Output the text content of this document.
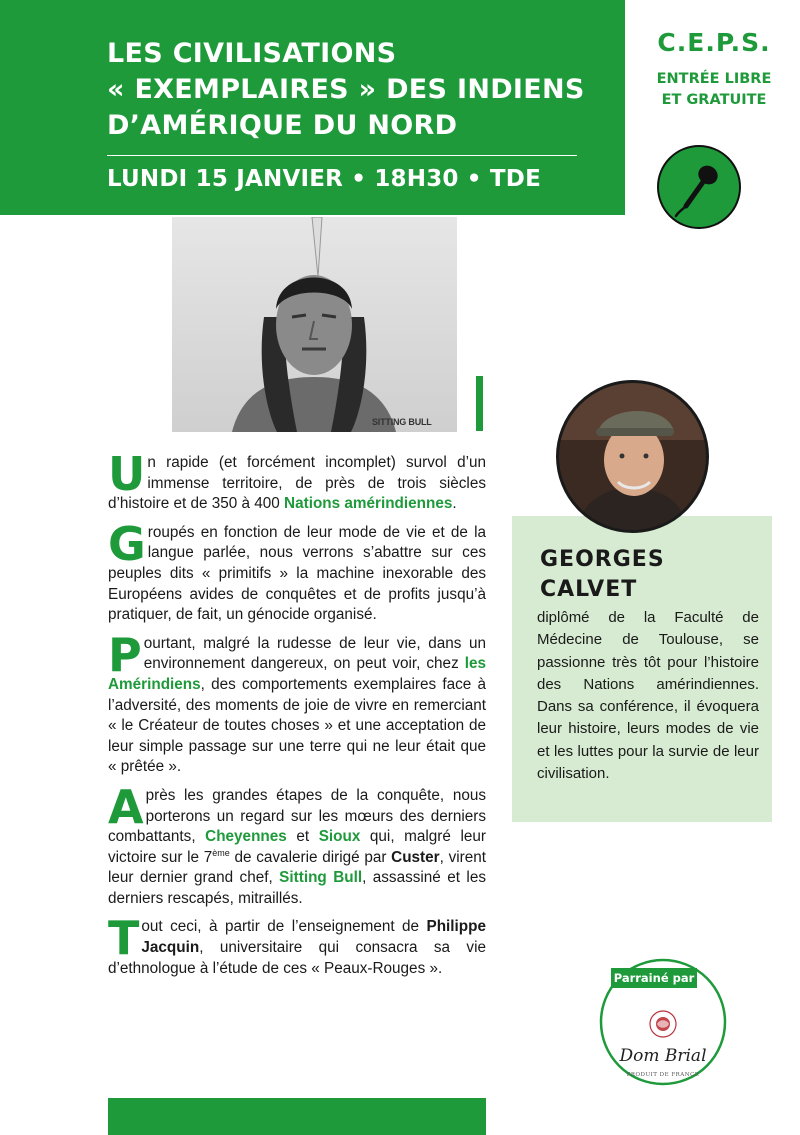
LES CIVILISATIONS
« EXEMPLAIRES » DES INDIENS
D’AMÉRIQUE DU NORD
LUNDI 15 JANVIER • 18H30 • TDE
C.E.P.S.
ENTRÉE LIBRE
ET GRATUITE
SITTING BULL

Un rapide (et forcément incomplet) survol d’un immense territoire, de près de trois siècles d’histoire et de 350 à 400 Nations amérindiennes.

Groupés en fonction de leur mode de vie et de la langue parlée, nous verrons s’abattre sur ces peuples dits « primitifs » la machine inexorable des Européens avides de conquêtes et de profits jusqu’à pratiquer, de fait, un génocide organisé.

Pourtant, malgré la rudesse de leur vie, dans un environnement dangereux, on peut voir, chez les Amérindiens, des comportements exemplaires face à l’adversité, des moments de joie de vivre en remerciant « le Créateur de toutes choses » et une acceptation de leur simple passage sur une terre qui ne leur était que « prêtée ».

Après les grandes étapes de la conquête, nous porterons un regard sur les mœurs des derniers combattants, Cheyennes et Sioux qui, malgré leur victoire sur le 7ème de cavalerie dirigé par Custer, virent leur dernier grand chef, Sitting Bull, assassiné et les derniers rescapés, mitraillés.

Tout ceci, à partir de l’enseignement de Philippe Jacquin, universitaire qui consacra sa vie d’ethnologue à l’étude de ces « Peaux-Rouges ».

GEORGES
CALVET

diplômé de la Faculté de Médecine de Toulouse, se passionne très tôt pour l’histoire des Nations amérindiennes. Dans sa conférence, il évoquera leur histoire, leurs modes de vie et les luttes pour la survie de leur civilisation.

Parrainé par
Dom Brial
PRODUIT DE FRANCE
